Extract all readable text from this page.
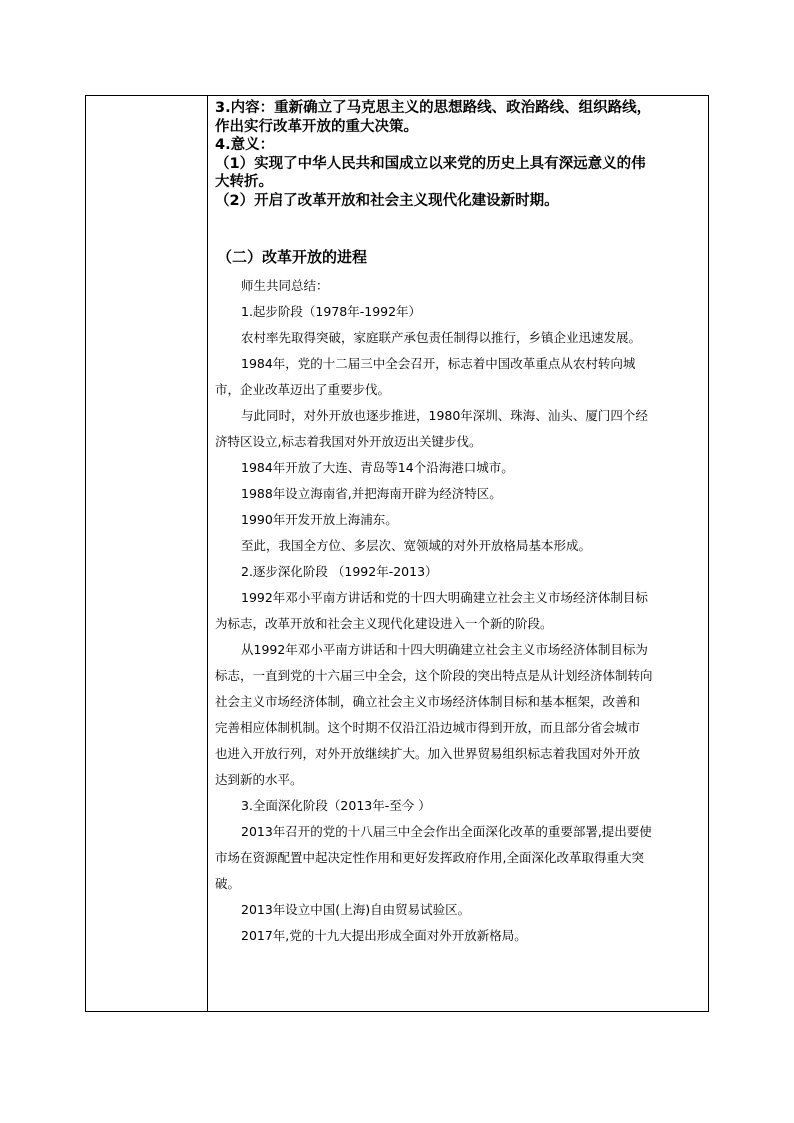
3.内容：重新确立了马克思主义的思想路线、政治路线、组织路线，

作出实行改革开放的重大决策。

4.意义：

（1）实现了中华人民共和国成立以来党的历史上具有深远意义的伟

大转折。

（2）开启了改革开放和社会主义现代化建设新时期。

（二）改革开放的进程

师生共同总结：

1.起步阶段（1978年-1992年）

农村率先取得突破，家庭联产承包责任制得以推行，乡镇企业迅速发展。

1984年，党的十二届三中全会召开，标志着中国改革重点从农村转向城

市，企业改革迈出了重要步伐。

与此同时，对外开放也逐步推进，1980年深圳、珠海、汕头、厦门四个经

济特区设立,标志着我国对外开放迈出关键步伐。

1984年开放了大连、青岛等14个沿海港口城市。

1988年设立海南省,并把海南开辟为经济特区。

1990年开发开放上海浦东。

至此，我国全方位、多层次、宽领域的对外开放格局基本形成。

2.逐步深化阶段 （1992年-2013）

1992年邓小平南方讲话和党的十四大明确建立社会主义市场经济体制目标

为标志，改革开放和社会主义现代化建设进入一个新的阶段。

从1992年邓小平南方讲话和十四大明确建立社会主义市场经济体制目标为

标志，一直到党的十六届三中全会，这个阶段的突出特点是从计划经济体制转向

社会主义市场经济体制，确立社会主义市场经济体制目标和基本框架，改善和

完善相应体制机制。这个时期不仅沿江沿边城市得到开放，而且部分省会城市

也进入开放行列，对外开放继续扩大。加入世界贸易组织标志着我国对外开放

达到新的水平。

3.全面深化阶段（2013年-至今 ）

2013年召开的党的十八届三中全会作出全面深化改革的重要部署,提出要使

市场在资源配置中起决定性作用和更好发挥政府作用,全面深化改革取得重大突

破。

2013年设立中国(上海)自由贸易试验区。

2017年,党的十九大提出形成全面对外开放新格局。
